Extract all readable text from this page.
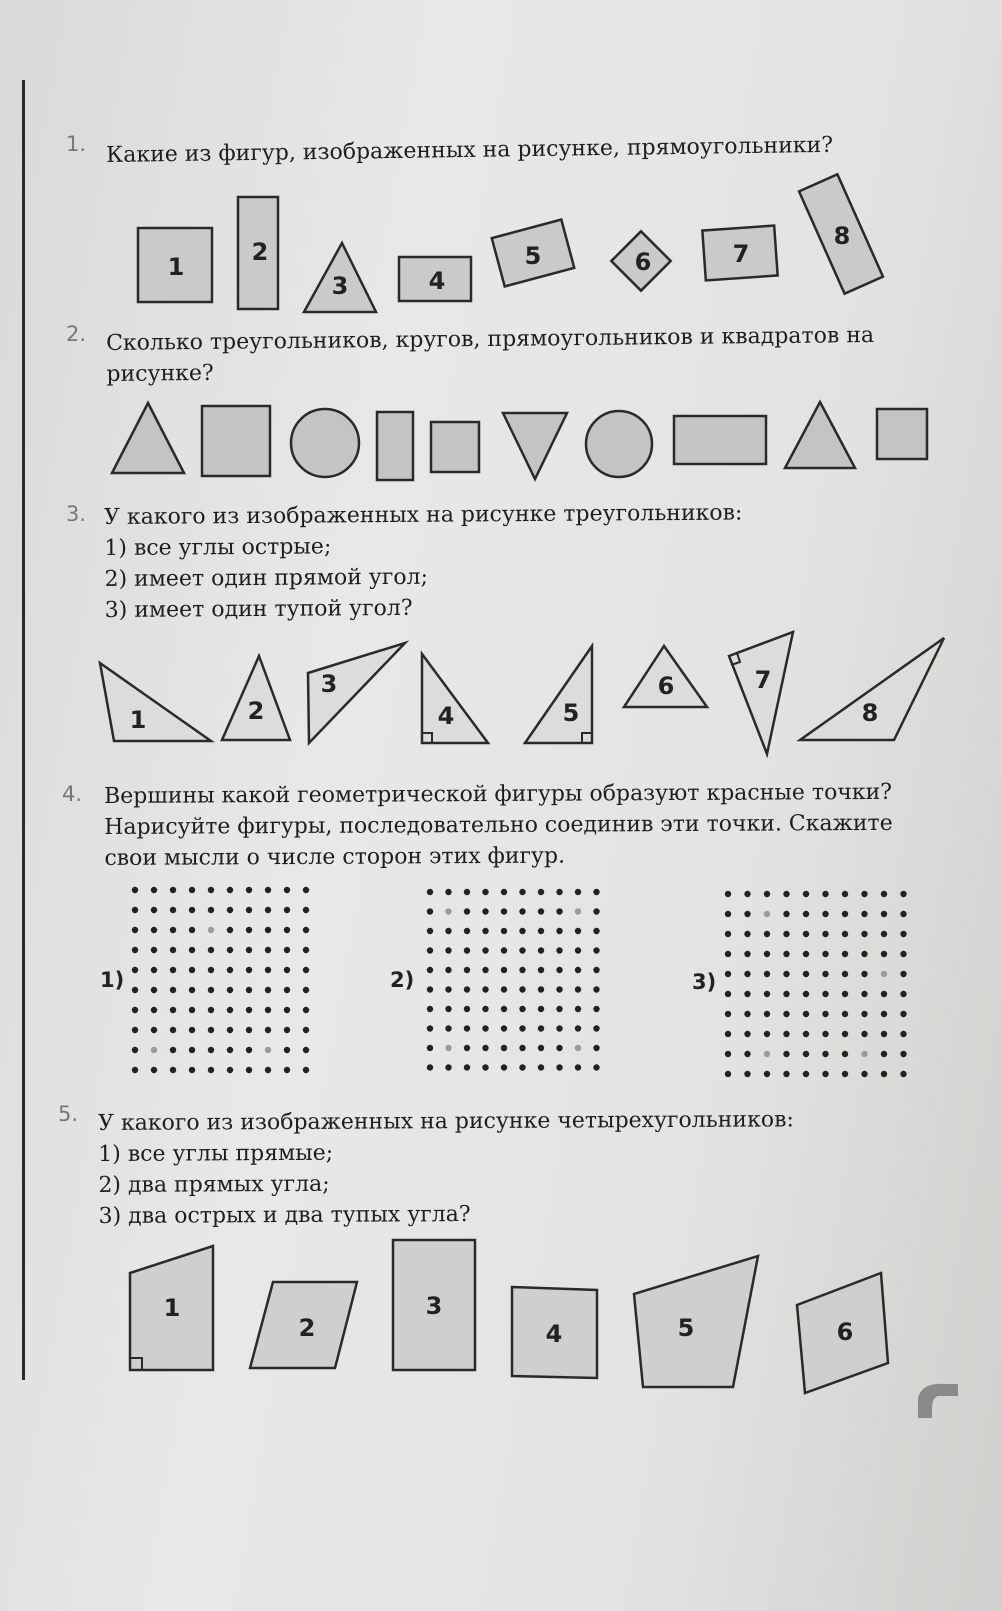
1. Какие из фигур, изображенных на рисунке, прямоугольники?
2. Сколько треугольников, кругов, прямоугольников и квадратов на
рисунке?
3. У какого из изображенных на рисунке треугольников:
1) все углы острые;
2) имеет один прямой угол;
3) имеет один тупой угол?
4. Вершины какой геометрической фигуры образуют красные точки?
Нарисуйте фигуры, последовательно соединив эти точки. Скажите
свои мысли о числе сторон этих фигур.
1)	2)	3)
5. У какого из изображенных на рисунке четырехугольников:
1) все углы прямые;
2) два прямых угла;
3) два острых и два тупых угла?
1
2
3	4
5	6	7
8
1	2
3
4	5
6	7
8
1
2
3
4	5	6
